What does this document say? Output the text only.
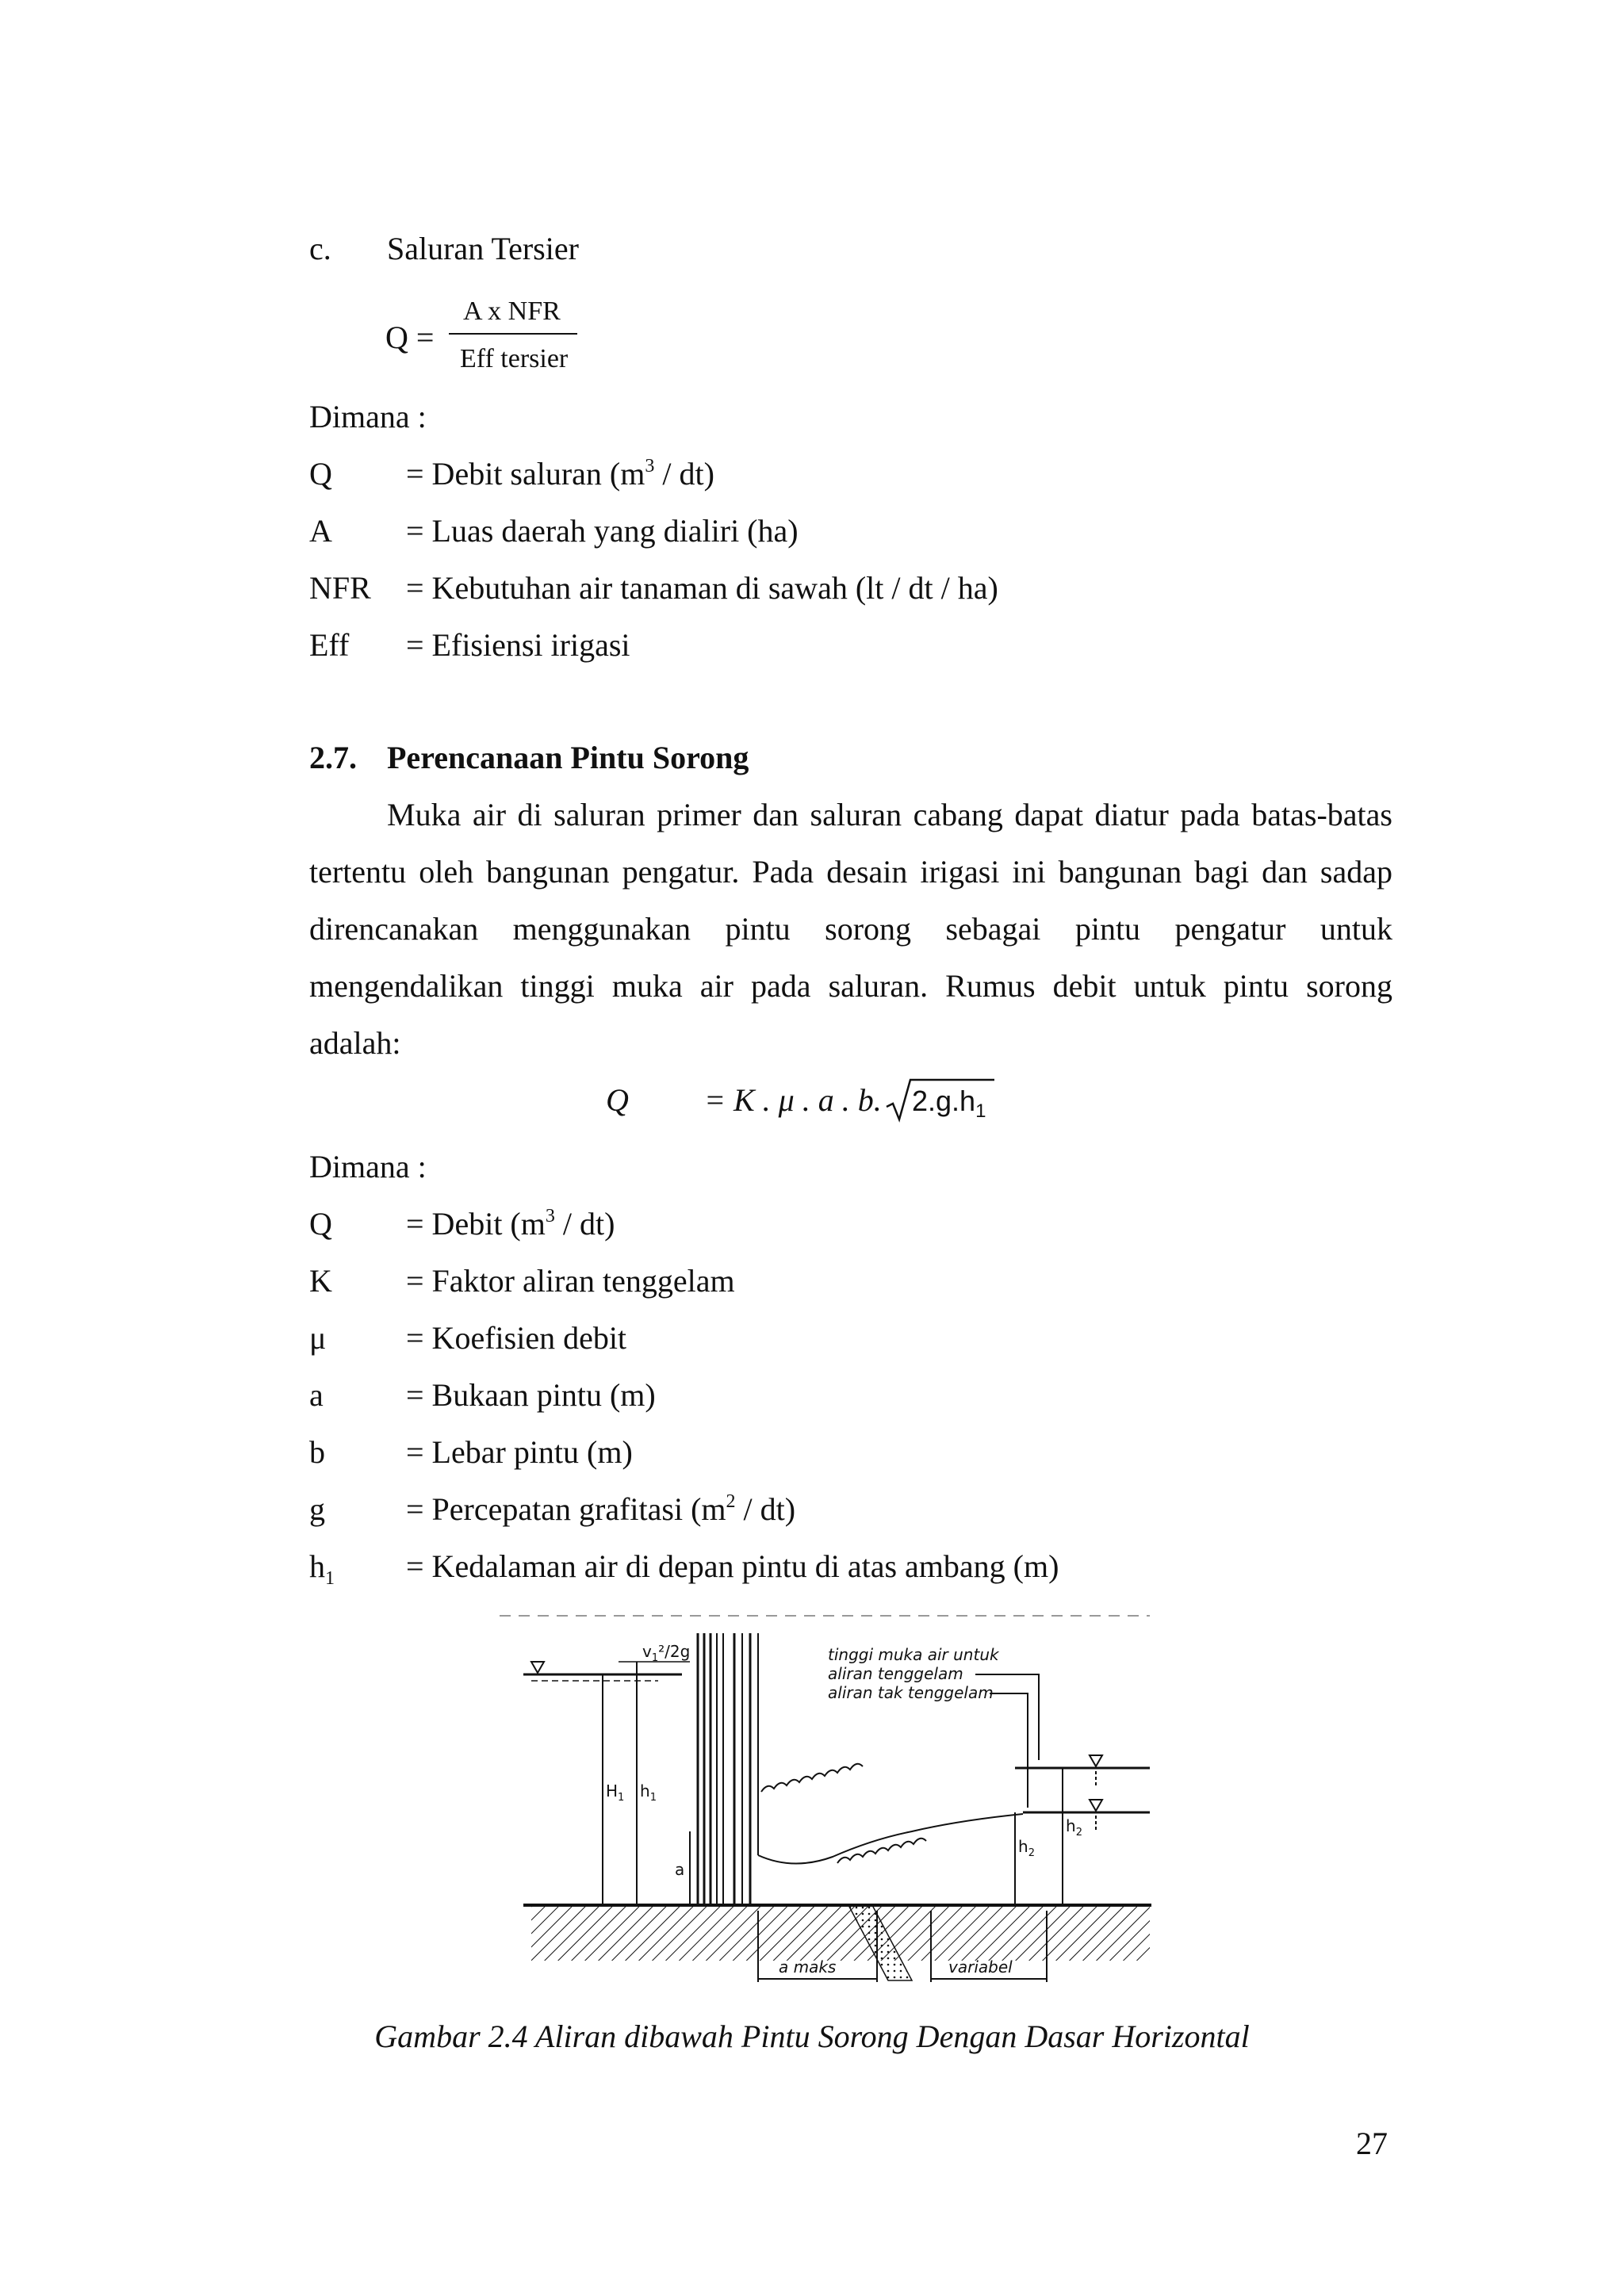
c. Saluran Tersier
Q =
A x NFR
Eff tersier
Dimana :
Q = Debit saluran $(m^3 / dt)$
A = Luas daerah yang dialiri (ha)
NFR = Kebutuhan air tanaman di sawah (lt / dt / ha)
Eff = Efisiensi irigasi
2.7. Perencanaan Pintu Sorong
Muka air di saluran primer dan saluran cabang dapat diatur pada batas-batas
tertentu oleh bangunan pengatur. Pada desain irigasi ini bangunan bagi dan sadap
direncanakan menggunakan pintu sorong sebagai pintu pengatur untuk
mengendalikan tinggi muka air pada saluran. Rumus debit untuk pintu sorong
adalah:
Q = K . μ . a . b. $2.g.h_1$
Dimana :
Q = Debit $(m^3 / dt)$
K = Faktor aliran tenggelam
μ	= Koefisien debit
a	= Bukaan pintu (m)
b	= Lebar pintu (m)
g	= Percepatan grafitasi $(m^2 / dt)$
$h_1$ = Kedalaman air di depan pintu di atas ambang (m)
$H_1$ $h_1$
$v_1^2/2g$
a
$h_2$
$h_2$
tinggi muka air untuk
aliran tenggelam
aliran tak tenggelam
a maks	variabel
Gambar 2.4 Aliran dibawah Pintu Sorong Dengan Dasar Horizontal
27
